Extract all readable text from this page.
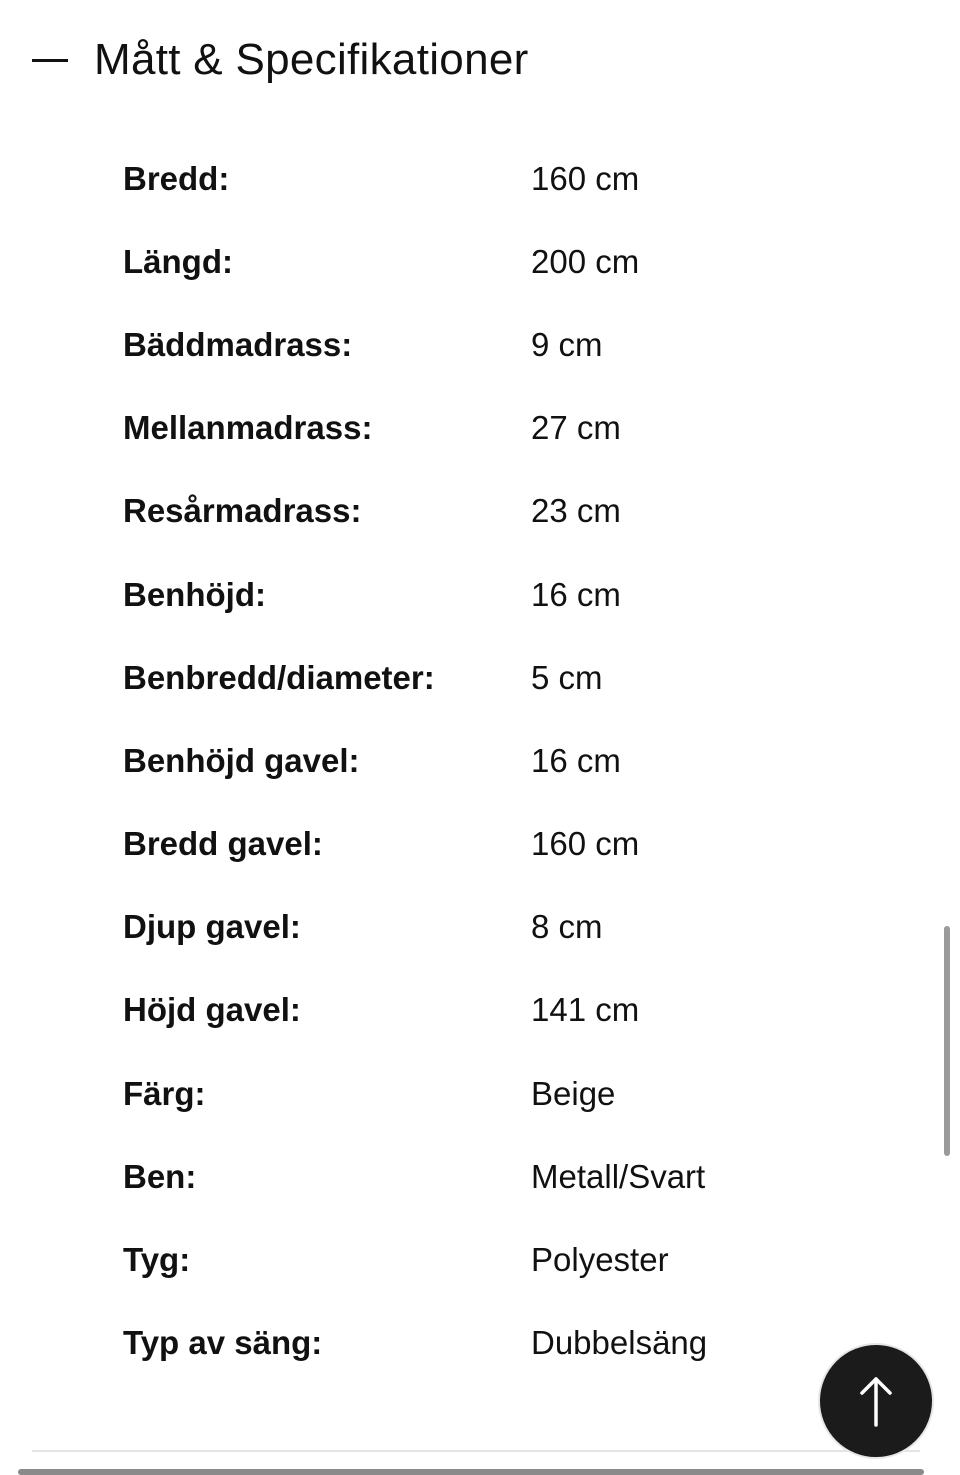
Mått & Specifikationer
Bredd:	160 cm
Längd:	200 cm
Bäddmadrass:	9 cm
Mellanmadrass:	27 cm
Resårmadrass:	23 cm
Benhöjd:	16 cm
Benbredd/diameter:	5 cm
Benhöjd gavel:	16 cm
Bredd gavel:	160 cm
Djup gavel:	8 cm
Höjd gavel:	141 cm
Färg:	Beige
Ben:	Metall/Svart
Tyg:	Polyester
Typ av säng:	Dubbelsäng
